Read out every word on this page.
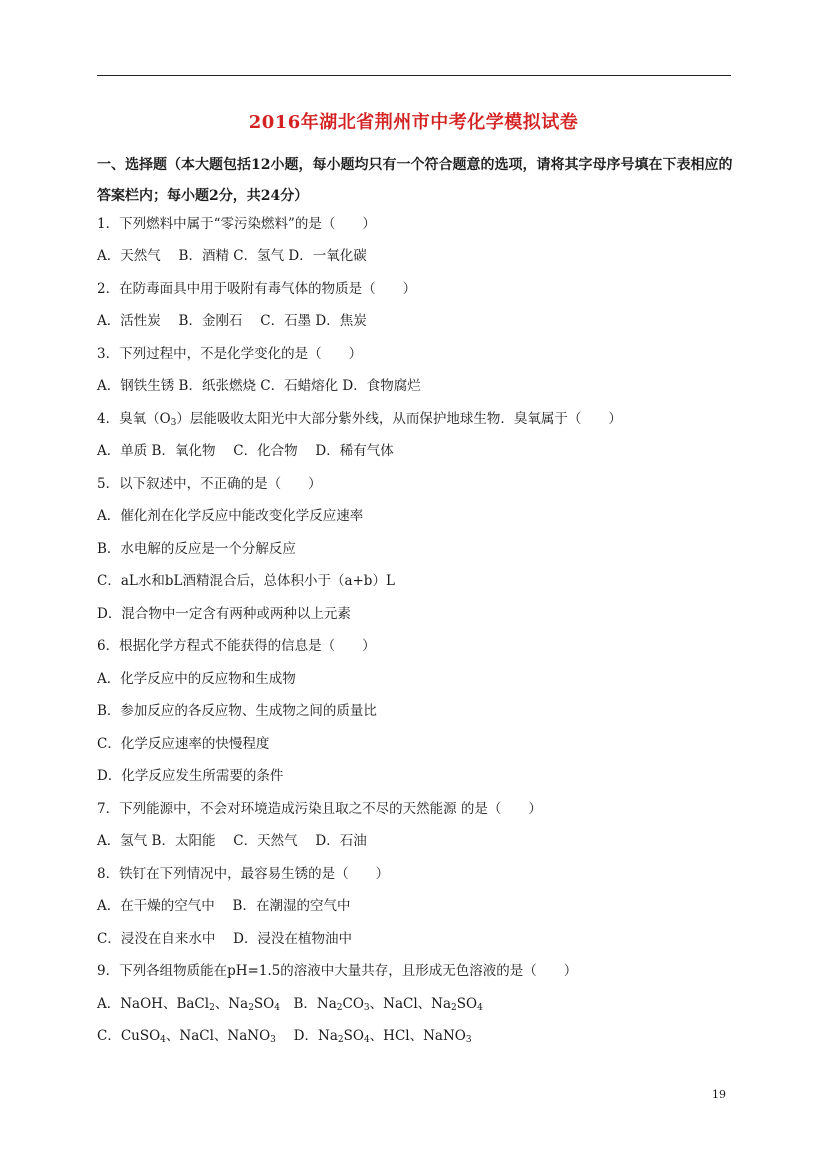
2016年湖北省荆州市中考化学模拟试卷
一、选择题（本大题包括12小题，每小题均只有一个符合题意的选项，请将其字母序号填在下表相应的答案栏内；每小题2分，共24分）
1．下列燃料中属于“零污染燃料”的是（　　）
A．天然气　 B．酒精 C．氢气 D．一氧化碳
2．在防毒面具中用于吸附有毒气体的物质是（　　）
A．活性炭　 B．金刚石　 C．石墨 D．焦炭
3．下列过程中，不是化学变化的是（　　）
A．钢铁生锈 B．纸张燃烧 C．石蜡熔化 D．食物腐烂
4．臭氧$(O_3)$层能吸收太阳光中大部分紫外线，从而保护地球生物．臭氧属于（　　）
A．单质 B．氧化物　 C．化合物　 D．稀有气体
5．以下叙述中，不正确的是（　　）
A．催化剂在化学反应中能改变化学反应速率
B．水电解的反应是一个分解反应
C．aL水和bL酒精混合后，总体积小于（a+b）L
D．混合物中一定含有两种或两种以上元素
6．根据化学方程式不能获得的信息是（　　）
A．化学反应中的反应物和生成物
B．参加反应的各反应物、生成物之间的质量比
C．化学反应速率的快慢程度
D．化学反应发生所需要的条件
7．下列能源中，不会对环境造成污染且取之不尽的天然能源 的是（　　）
A．氢气 B．太阳能　 C．天然气　 D．石油
8．铁钉在下列情况中，最容易生锈的是（　　）
A．在干燥的空气中　 B．在潮湿的空气中
C．浸没在自来水中　 D．浸没在植物油中
9．下列各组物质能在pH=1.5的溶液中大量共存，且形成无色溶液的是（　　）
A．NaOH、BaCl$_2$、$Na_2SO_4$　B．$Na_2CO_3$、NaCl、$Na_2SO_4$
C．CuSO$_4$、NaCl、NaNO$_3$　 D．$Na_2SO_4$、HCl、NaNO$_3$
19
